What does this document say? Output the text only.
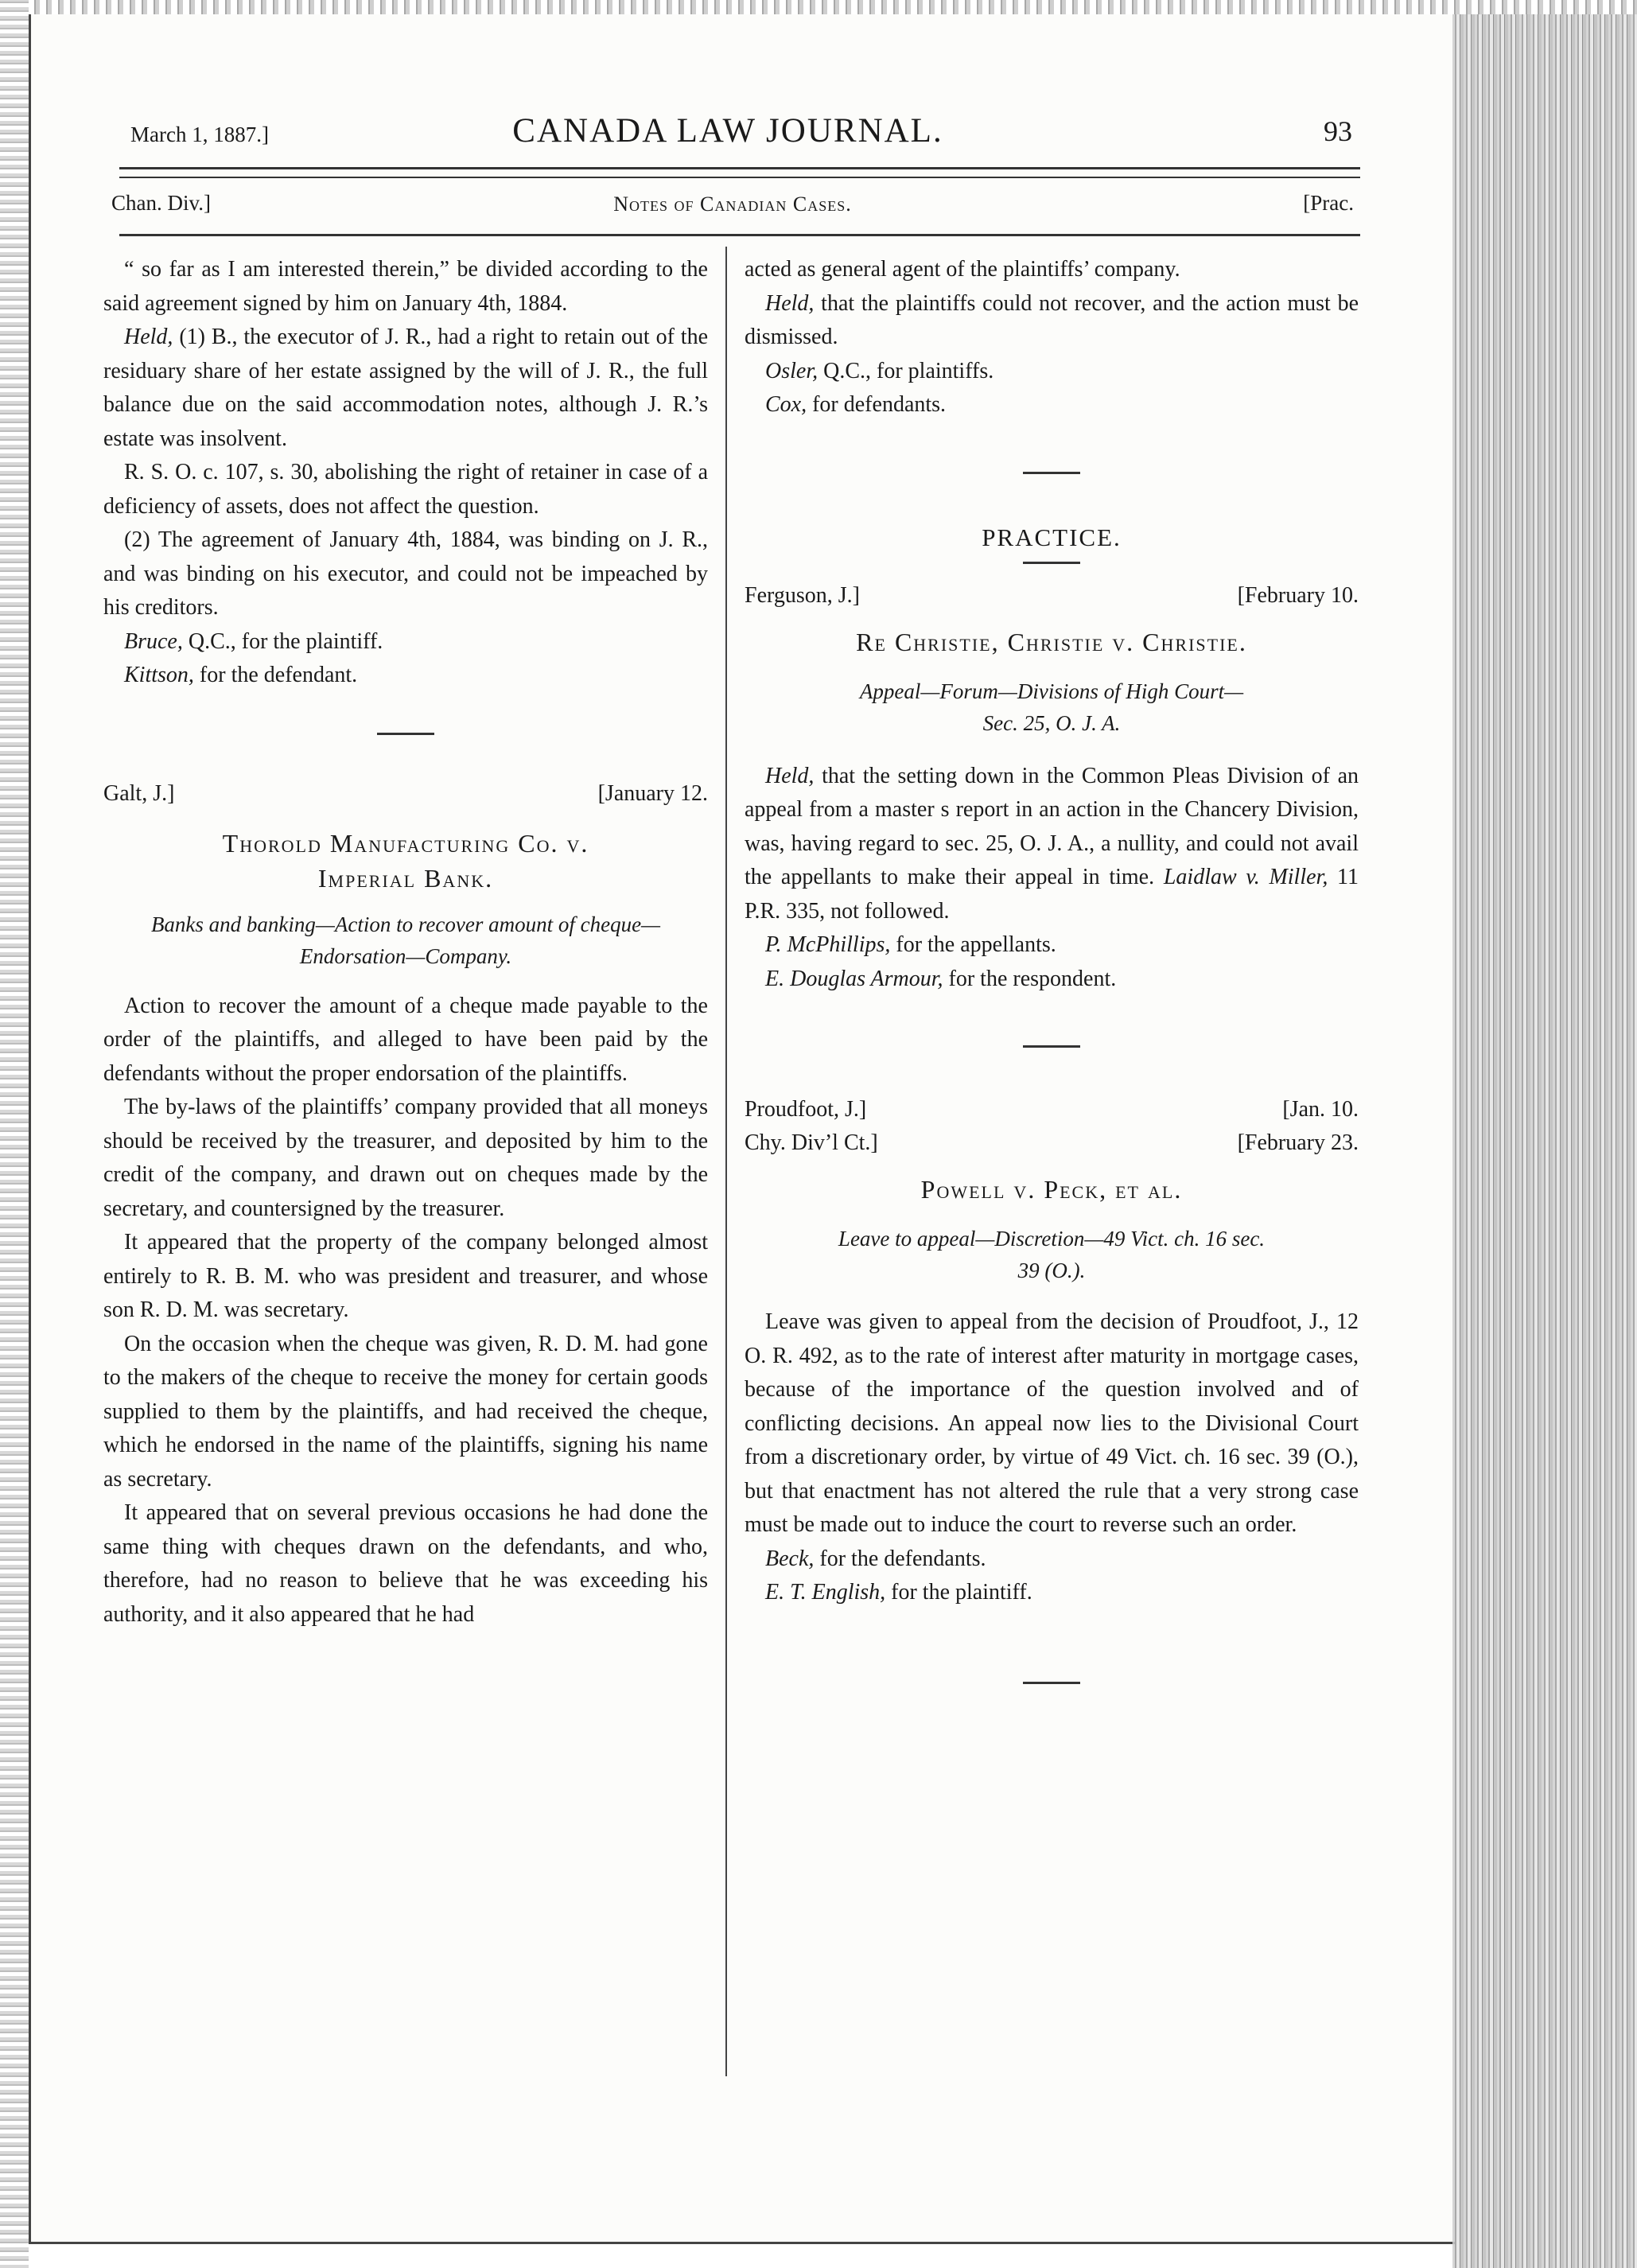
March 1, 1887.]	CANADA LAW JOURNAL.	93
Chan. Div.]	Notes of Canadian Cases.	[Prac.

“ so far as I am interested therein,” be divided according to the said agreement signed by him on January 4th, 1884.

Held, (1) B., the executor of J. R., had a right to retain out of the residuary share of her estate assigned by the will of J. R., the full balance due on the said accommodation notes, although J. R.’s estate was insolvent.

R. S. O. c. 107, s. 30, abolishing the right of retainer in case of a deficiency of assets, does not affect the question.

(2) The agreement of January 4th, 1884, was binding on J. R., and was binding on his executor, and could not be impeached by his creditors.

Bruce, Q.C., for the plaintiff.

Kittson, for the defendant.

Galt, J.]	[January 12.
Thorold Manufacturing Co. v.
Imperial Bank.
Banks and banking—Action to recover amount of cheque—Endorsation—Company.

Action to recover the amount of a cheque made payable to the order of the plaintiffs, and alleged to have been paid by the defendants without the proper endorsation of the plaintiffs.

The by-laws of the plaintiffs’ company provided that all moneys should be received by the treasurer, and deposited by him to the credit of the company, and drawn out on cheques made by the secretary, and countersigned by the treasurer.

It appeared that the property of the company belonged almost entirely to R. B. M. who was president and treasurer, and whose son R. D. M. was secretary.

On the occasion when the cheque was given, R. D. M. had gone to the makers of the cheque to receive the money for certain goods supplied to them by the plaintiffs, and had received the cheque, which he endorsed in the name of the plaintiffs, signing his name as secretary.

It appeared that on several previous occasions he had done the same thing with cheques drawn on the defendants, and who, therefore, had no reason to believe that he was exceeding his authority, and it also appeared that he had

acted as general agent of the plaintiffs’ company.

Held, that the plaintiffs could not recover, and the action must be dismissed.

Osler, Q.C., for plaintiffs.

Cox, for defendants.

PRACTICE.
Ferguson, J.]	[February 10.
Re Christie, Christie v. Christie.
Appeal—Forum—Divisions of High Court—
Sec. 25, O. J. A.

Held, that the setting down in the Common Pleas Division of an appeal from a master s report in an action in the Chancery Division, was, having regard to sec. 25, O. J. A., a nullity, and could not avail the appellants to make their appeal in time. Laidlaw v. Miller, 11 P.R. 335, not followed.

P. McPhillips, for the appellants.

E. Douglas Armour, for the respondent.

Proudfoot, J.]	[Jan. 10.
Chy. Div’l Ct.]	[February 23.
Powell v. Peck, et al.
Leave to appeal—Discretion—49 Vict. ch. 16 sec.
39 (O.).

Leave was given to appeal from the decision of Proudfoot, J., 12 O. R. 492, as to the rate of interest after maturity in mortgage cases, because of the importance of the question involved and of conflicting decisions. An appeal now lies to the Divisional Court from a discretionary order, by virtue of 49 Vict. ch. 16 sec. 39 (O.), but that enactment has not altered the rule that a very strong case must be made out to induce the court to reverse such an order.

Beck, for the defendants.

E. T. English, for the plaintiff.
